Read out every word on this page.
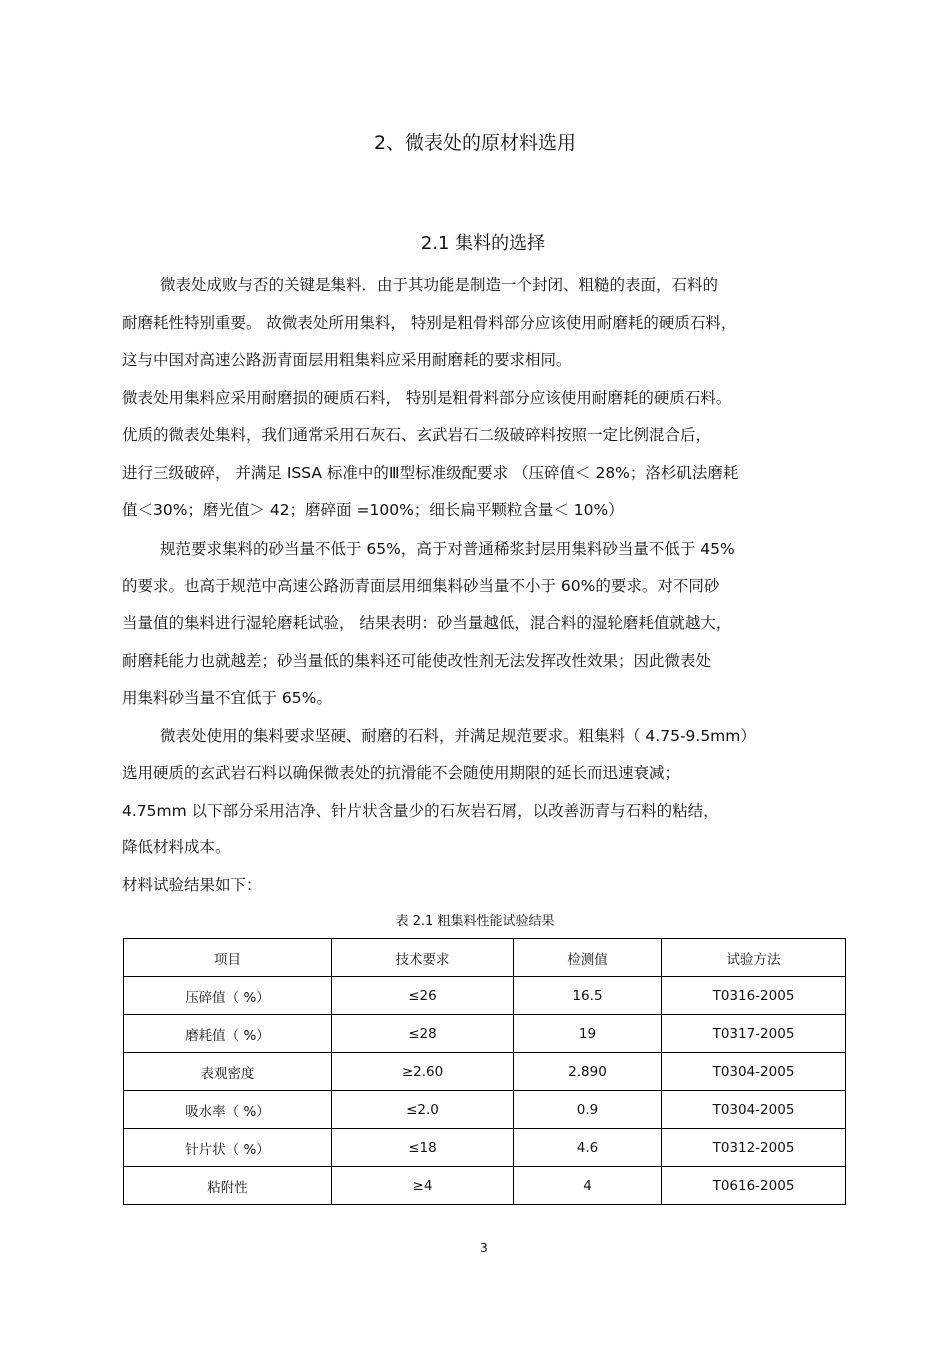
2、微表处的原材料选用
2.1 集料的选择
微表处成败与否的关键是集料．由于其功能是制造一个封闭、粗糙的表面，石料的
耐磨耗性特别重要。 故微表处所用集料， 特别是粗骨料部分应该使用耐磨耗的硬质石料，
这与中国对高速公路沥青面层用粗集料应采用耐磨耗的要求相同。
微表处用集料应采用耐磨损的硬质石料， 特别是粗骨料部分应该使用耐磨耗的硬质石料。
优质的微表处集料，我们通常采用石灰石、玄武岩石二级破碎料按照一定比例混合后，
进行三级破碎， 并满足 ISSA 标准中的Ⅲ型标准级配要求 （压碎值＜ 28%；洛杉矶法磨耗
值＜30%；磨光值＞ 42；磨碎面 =100%；细长扁平颗粒含量＜ 10%）
规范要求集料的砂当量不低于 65%，高于对普通稀浆封层用集料砂当量不低于 45%
的要求。也高于规范中高速公路沥青面层用细集料砂当量不小于 60%的要求。对不同砂
当量值的集料进行湿轮磨耗试验， 结果表明：砂当量越低，混合料的湿轮磨耗值就越大，
耐磨耗能力也就越差；砂当量低的集料还可能使改性剂无法发挥改性效果；因此微表处
用集料砂当量不宜低于 65%。
微表处使用的集料要求坚硬、耐磨的石料，并满足规范要求。粗集料（ 4.75-9.5mm）
选用硬质的玄武岩石料以确保微表处的抗滑能不会随使用期限的延长而迅速衰减；
4.75mm 以下部分采用洁净、针片状含量少的石灰岩石屑，以改善沥青与石料的粘结，
降低材料成本。
材料试验结果如下：
表 2.1 粗集料性能试验结果
项目	技术要求	检测值	试验方法
压碎值（ %）	≤26	16.5	T0316-2005
磨耗值（ %）	≤28	19	T0317-2005
表观密度	≥2.60	2.890	T0304-2005
吸水率（ %）	≤2.0	0.9	T0304-2005
针片状（ %）	≤18	4.6	T0312-2005
粘附性	≥4	4	T0616-2005
3
